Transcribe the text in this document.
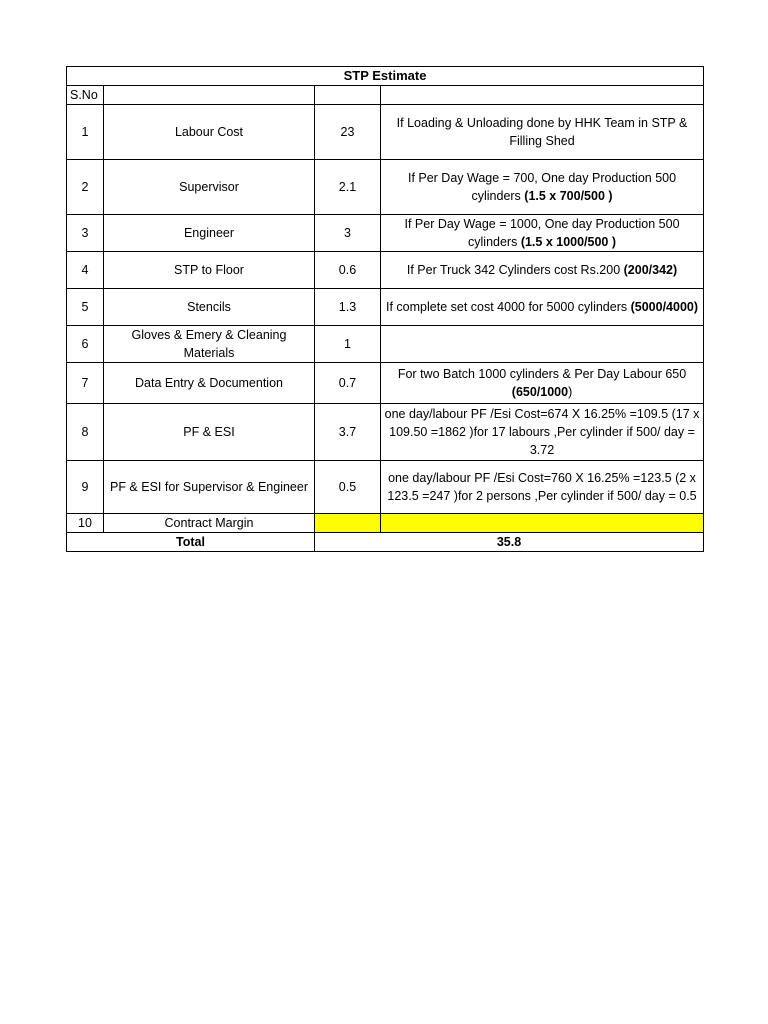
STP Estimate			
S.No			
1	Labour Cost	23	If Loading & Unloading done by HHK Team in STP & Filling Shed
2	Supervisor	2.1	If Per Day Wage = 700, One day Production 500 cylinders (1.5 x 700/500 )
3	Engineer	3	If Per Day Wage = 1000, One day Production 500 cylinders (1.5 x 1000/500 )
4	STP to Floor	0.6	If Per Truck 342 Cylinders cost Rs.200 (200/342)
5	Stencils	1.3	If complete set cost 4000 for 5000 cylinders (5000/4000)
6	Gloves & Emery & Cleaning Materials	1	
7	Data Entry & Documention	0.7	For two Batch 1000 cylinders & Per Day Labour 650 (650/1000)
8	PF & ESI	3.7	one day/labour PF /Esi Cost=674 X 16.25% =109.5 (17 x 109.50 =1862 )for 17 labours ,Per cylinder if 500/ day = 3.72
9	PF & ESI for Supervisor & Engineer	0.5	one day/labour PF /Esi Cost=760 X 16.25% =123.5 (2 x 123.5 =247 )for 2 persons ,Per cylinder if 500/ day = 0.5
10	Contract Margin		
Total		35.8	
